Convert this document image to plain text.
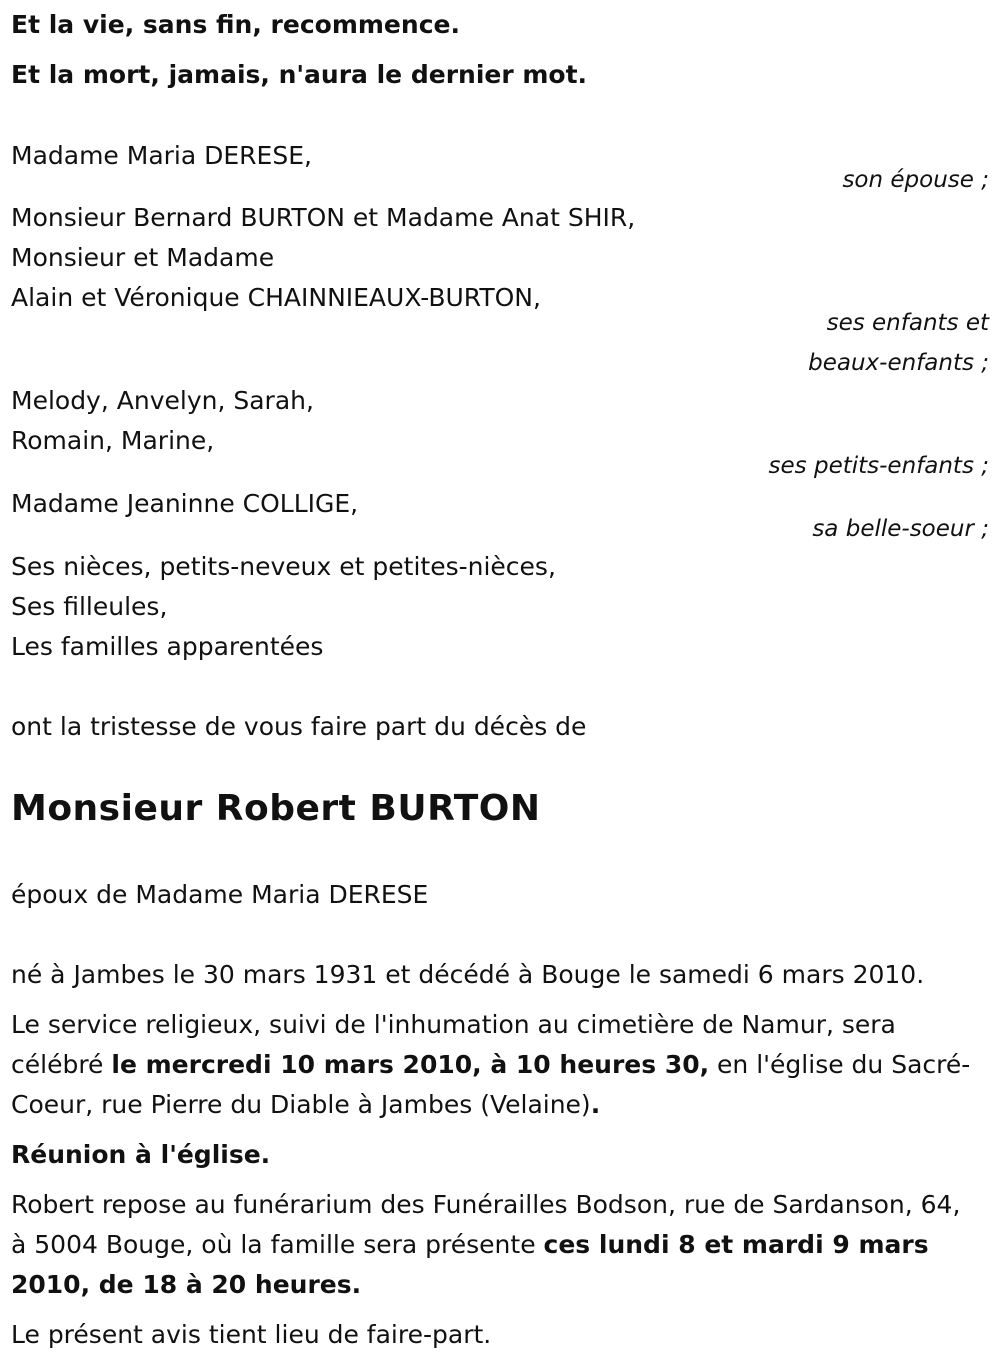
Et la vie, sans fin, recommence.
Et la mort, jamais, n'aura le dernier mot.
Madame Maria DERESE,
son épouse ;
Monsieur Bernard BURTON et Madame Anat SHIR,
Monsieur et Madame
Alain et Véronique CHAINNIEAUX-BURTON,
ses enfants et
beaux-enfants ;
Melody, Anvelyn, Sarah,
Romain, Marine,
ses petits-enfants ;
Madame Jeaninne COLLIGE,
sa belle-soeur ;
Ses nièces, petits-neveux et petites-nièces,
Ses filleules,
Les familles apparentées
ont la tristesse de vous faire part du décès de
Monsieur Robert BURTON
époux de Madame Maria DERESE
né à Jambes le 30 mars 1931 et décédé à Bouge le samedi 6 mars 2010.
Le service religieux, suivi de l'inhumation au cimetière de Namur, sera célébré le mercredi 10 mars 2010, à 10 heures 30, en l'église du Sacré-Coeur, rue Pierre du Diable à Jambes (Velaine).
Réunion à l'église.
Robert repose au funérarium des Funérailles Bodson, rue de Sardanson, 64, à 5004 Bouge, où la famille sera présente ces lundi 8 et mardi 9 mars 2010, de 18 à 20 heures.
Le présent avis tient lieu de faire-part.
